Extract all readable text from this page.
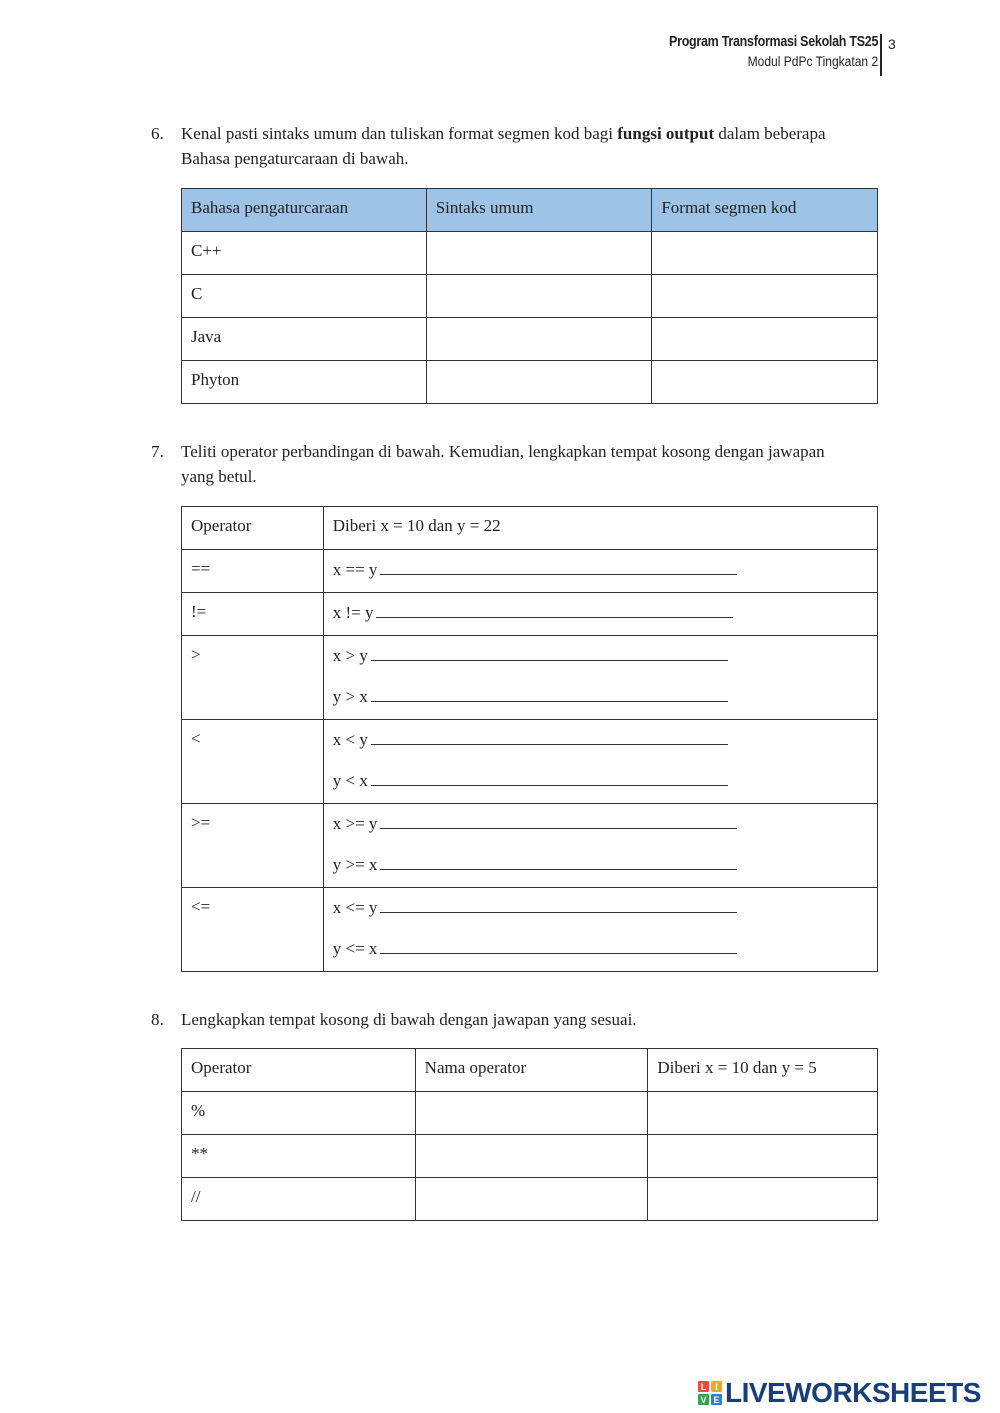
Program Transformasi Sekolah TS25
Modul PdPc Tingkatan 2
3
6. Kenal pasti sintaks umum dan tuliskan format segmen kod bagi fungsi output dalam beberapa Bahasa pengaturcaraan di bawah.
Bahasa pengaturcaraan	Sintaks umum	Format segmen kod
C++		
C		
Java		
Phyton		
7. Teliti operator perbandingan di bawah. Kemudian, lengkapkan tempat kosong dengan jawapan yang betul.
Operator	Diberi x = 10 dan y = 22
==	x == y

!=	x != y

>	x > y
y > x

<	x < y
y < x

>=	x >= y
y >= x

<=	x <= y
y <= x
8. Lengkapkan tempat kosong di bawah dengan jawapan yang sesuai.
Operator	Nama operator	Diberi x = 10 dan y = 5
%		
**		
//		
L I
V E LIVEWORKSHEETS
